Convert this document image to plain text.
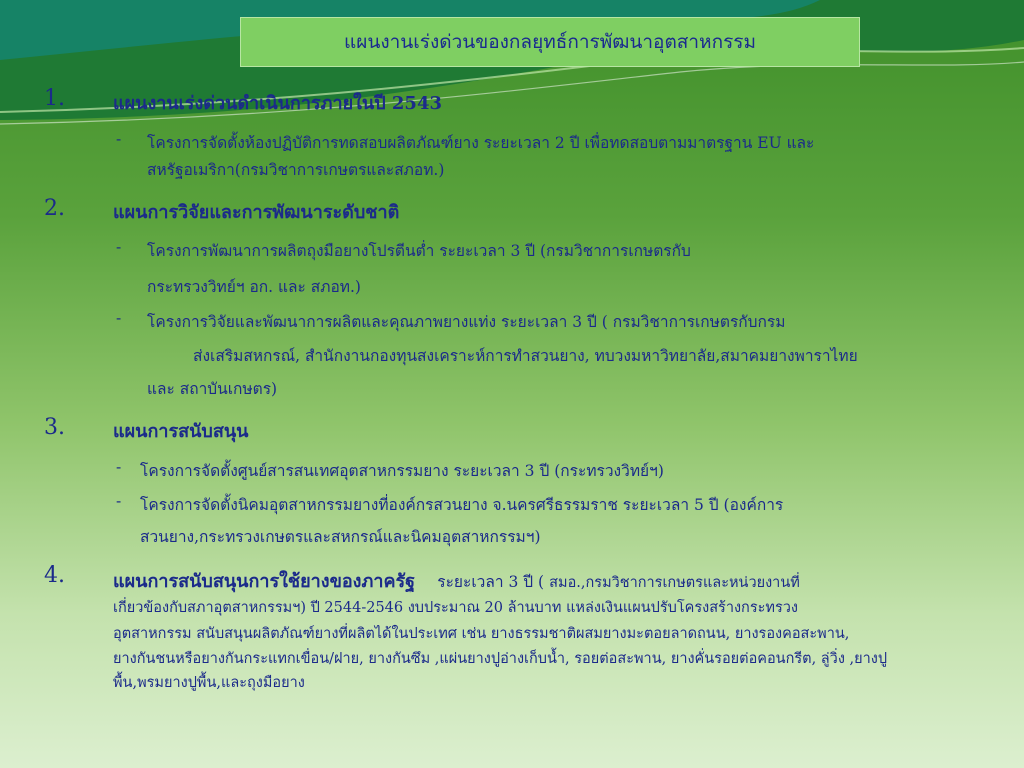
แผนงานเร่งด่วนของกลยุทธ์การพัฒนาอุตสาหกรรม
1.	แผนงานเร่งด่วนดำเนินการภายในปี 2543
- โครงการจัดตั้งห้องปฏิบัติการทดสอบผลิตภัณฑ์ยาง ระยะเวลา 2 ปี เพื่อทดสอบตามมาตรฐาน EU และ
สหรัฐอเมริกา(กรมวิชาการเกษตรและสภอท.)
2.	แผนการวิจัยและการพัฒนาระดับชาติ
- โครงการพัฒนาการผลิตถุงมือยางโปรตีนต่ำ ระยะเวลา 3 ปี (กรมวิชาการเกษตรกับ
กระทรวงวิทย์ฯ อก. และ สภอท.)
- โครงการวิจัยและพัฒนาการผลิตและคุณภาพยางแท่ง ระยะเวลา 3 ปี ( กรมวิชาการเกษตรกับกรม
ส่งเสริมสหกรณ์, สำนักงานกองทุนสงเคราะห์การทำสวนยาง, ทบวงมหาวิทยาลัย,สมาคมยางพาราไทย
และ สถาบันเกษตร)
3.	แผนการสนับสนุน
- โครงการจัดตั้งศูนย์สารสนเทศอุตสาหกรรมยาง ระยะเวลา 3 ปี (กระทรวงวิทย์ฯ)
- โครงการจัดตั้งนิคมอุตสาหกรรมยางที่องค์กรสวนยาง จ.นครศรีธรรมราช ระยะเวลา 5 ปี (องค์การ
สวนยาง,กระทรวงเกษตรและสหกรณ์และนิคมอุตสาหกรรมฯ)
4.	แผนการสนับสนุนการใช้ยางของภาครัฐ ระยะเวลา 3 ปี ( สมอ.,กรมวิชาการเกษตรและหน่วยงานที่
เกี่ยวข้องกับสภาอุตสาหกรรมฯ) ปี 2544-2546 งบประมาณ 20 ล้านบาท แหล่งเงินแผนปรับโครงสร้างกระทรวง
อุตสาหกรรม สนับสนุนผลิตภัณฑ์ยางที่ผลิตได้ในประเทศ เช่น ยางธรรมชาติผสมยางมะตอยลาดถนน, ยางรองคอสะพาน,
ยางกันชนหรือยางกันกระแทกเขื่อน/ฝาย, ยางกันซึม ,แผ่นยางปูอ่างเก็บน้ำ, รอยต่อสะพาน, ยางคั่นรอยต่อคอนกรีต, ลู่วิ่ง ,ยางปู
พื้น,พรมยางปูพื้น,และถุงมือยาง
